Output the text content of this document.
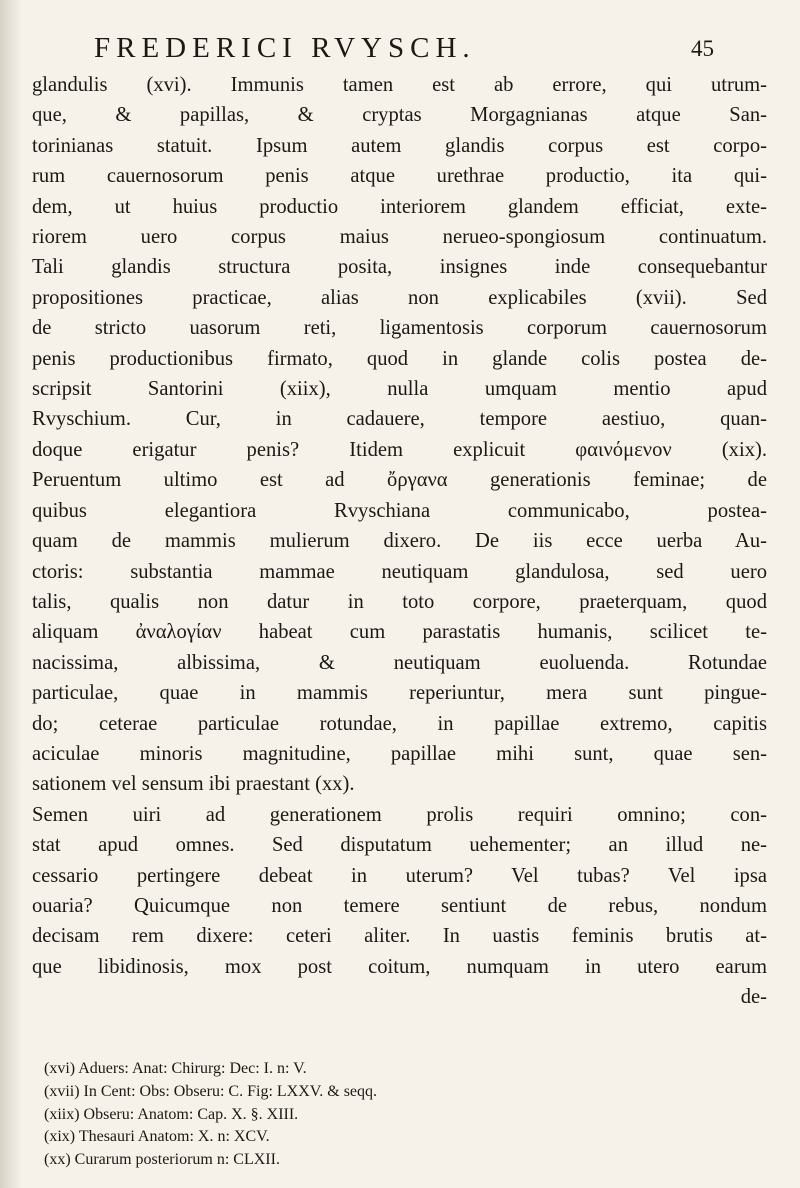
FREDERICI RVYSCH.	45
glandulis (xvi). Immunis tamen est ab errore, qui utrum-
que, & papillas, & cryptas Morgagnianas atque San-
torinianas statuit. Ipsum autem glandis corpus est corpo-
rum cauernosorum penis atque urethrae productio, ita qui-
dem, ut huius productio interiorem glandem efficiat, exte-
riorem uero corpus maius nerueo-spongiosum continuatum.
Tali glandis structura posita, insignes inde consequebantur
propositiones practicae, alias non explicabiles (xvii). Sed
de stricto uasorum reti, ligamentosis corporum cauernosorum
penis productionibus firmato, quod in glande colis postea de-
scripsit Santorini (xiix), nulla umquam mentio apud
Rvyschium. Cur, in cadauere, tempore aestiuo, quan-
doque erigatur penis? Itidem explicuit φαινόμενον (xix).
Peruentum ultimo est ad ὄργανα generationis feminae; de
quibus elegantiora Rvyschiana communicabo, postea-
quam de mammis mulierum dixero. De iis ecce uerba Au-
ctoris: substantia mammae neutiquam glandulosa, sed uero
talis, qualis non datur in toto corpore, praeterquam, quod
aliquam ἀναλογίαν habeat cum parastatis humanis, scilicet te-
nacissima, albissima, & neutiquam euoluenda. Rotundae
particulae, quae in mammis reperiuntur, mera sunt pingue-
do; ceterae particulae rotundae, in papillae extremo, capitis
aciculae minoris magnitudine, papillae mihi sunt, quae sen-
sationem vel sensum ibi praestant (xx).
Semen uiri ad generationem prolis requiri omnino; con-
stat apud omnes. Sed disputatum uehementer; an illud ne-
cessario pertingere debeat in uterum? Vel tubas? Vel ipsa
ouaria? Quicumque non temere sentiunt de rebus, nondum
decisam rem dixere: ceteri aliter. In uastis feminis brutis at-
que libidinosis, mox post coitum, numquam in utero earum
de-
(xvi) Aduers: Anat: Chirurg: Dec: I. n: V.
(xvii) In Cent: Obs: Obseru: C. Fig: LXXV. & seqq.
(xiix) Obseru: Anatom: Cap. X. §. XIII.
(xix) Thesauri Anatom: X. n: XCV.
(xx) Curarum posteriorum n: CLXII.
